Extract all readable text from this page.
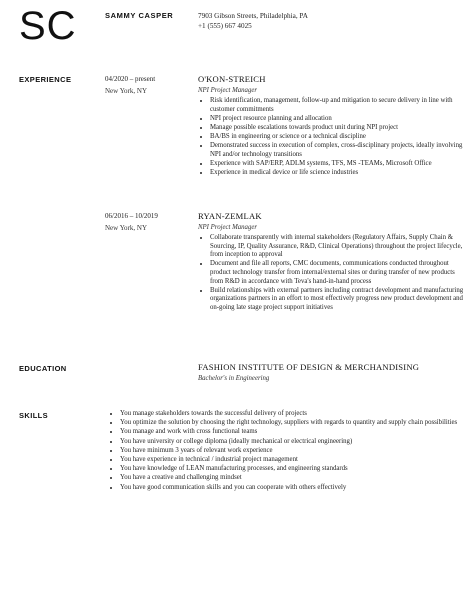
SC	SAMMY CASPER	7903 Gibson Streets, Philadelphia, PA
+1 (555) 667 4025
EXPERIENCE	04/2020 – present
New York, NY
O'KON-STREICH
NPI Project Manager
• Risk identification, management, follow-up and mitigation to secure delivery in line with customer commitments
• NPI project resource planning and allocation
• Manage possible escalations towards product unit during NPI project
• BA/BS in engineering or science or a technical discipline
• Demonstrated success in execution of complex, cross-disciplinary projects, ideally involving NPI and/or technology transitions
• Experience with SAP/ERP, ADLM systems, TFS, MS -TEAMs, Microsoft Office
• Experience in medical device or life science industries
06/2016 – 10/2019
New York, NY
RYAN-ZEMLAK
NPI Project Manager
• Collaborate transparently with internal stakeholders (Regulatory Affairs, Supply Chain & Sourcing, IP, Quality Assurance, R&D, Clinical Operations) throughout the project lifecycle, from inception to approval
• Document and file all reports, CMC documents, communications conducted throughout product technology transfer from internal/external sites or during transfer of new products from R&D in accordance with Teva's hand-in-hand process
• Build relationships with external partners including contract development and manufacturing organizations partners in an effort to most effectively progress new product development and on-going late stage project support initiatives
EDUCATION	FASHION INSTITUTE OF DESIGN & MERCHANDISING
Bachelor's in Engineering
SKILLS
•	You manage stakeholders towards the successful delivery of projects
• You optimize the solution by choosing the right technology, suppliers with regards to quantity and supply chain possibilities
• You manage and work with cross functional teams
• You have university or college diploma (ideally mechanical or electrical engineering)
• You have minimum 3 years of relevant work experience
• You have experience in technical / industrial project management
• You have knowledge of LEAN manufacturing processes, and engineering standards
• You have a creative and challenging mindset
• You have good communication skills and you can cooperate with others effectively
